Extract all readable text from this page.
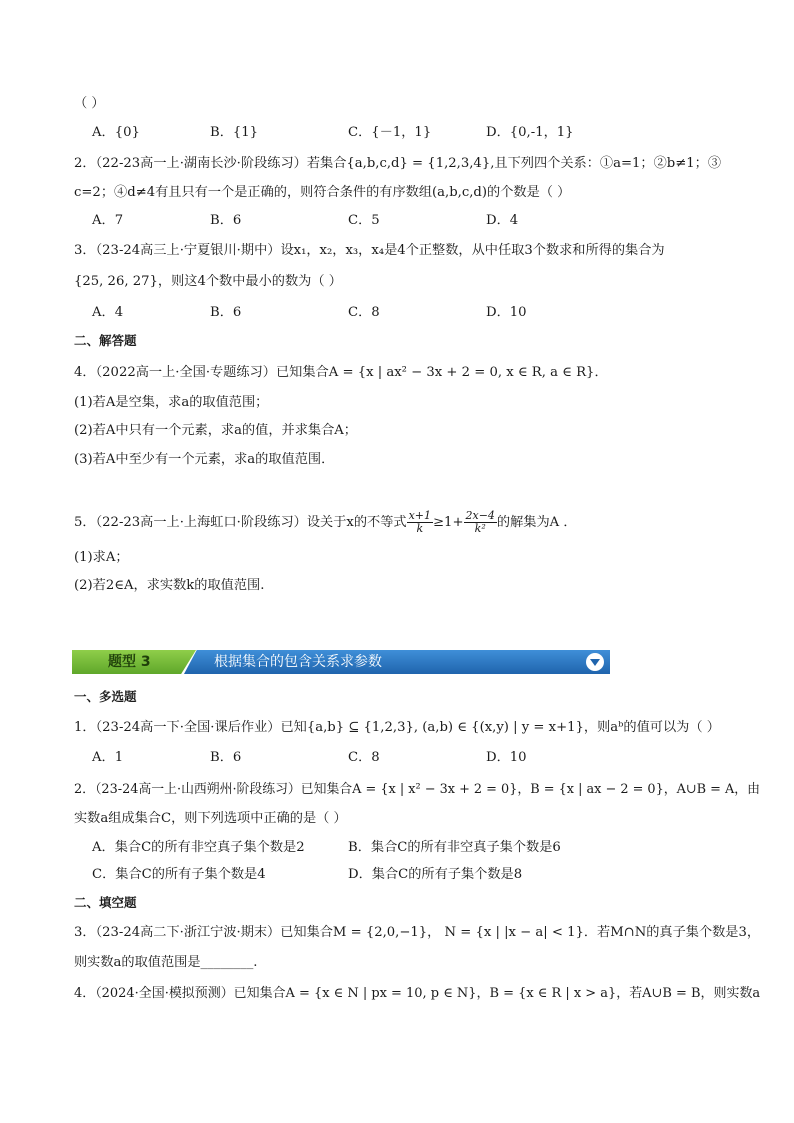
（ ）
A．{0}	B．{1}	C．{－1，1}	D．{0,-1，1}
2．（22-23高一上·湖南长沙·阶段练习）若集合{a,b,c,d} = {1,2,3,4},且下列四个关系：①a=1；②b≠1；③
c=2；④d≠4有且只有一个是正确的，则符合条件的有序数组(a,b,c,d)的个数是（ ）
A．7	B．6	C．5	D．4
3．（23-24高三上·宁夏银川·期中）设x₁，x₂，x₃，x₄是4个正整数，从中任取3个数求和所得的集合为
{25, 26, 27}，则这4个数中最小的数为（ ）
A．4	B．6	C．8	D．10
二、解答题
4．（2022高一上·全国·专题练习）已知集合A = {x | ax² − 3x + 2 = 0, x ∈ R, a ∈ R}．
(1)若A是空集，求a的取值范围；
(2)若A中只有一个元素，求a的值，并求集合A；
(3)若A中至少有一个元素，求a的取值范围．
5．（22-23高一上·上海虹口·阶段练习）设关于x的不等式 $\frac{x+1}{k} \ge 1+ \frac{2x-4}{\text{k²}}$ 的解集为A ．
(1)求A；
(2)若2∈A，求实数k的取值范围.
题型 3	根据集合的包含关系求参数
一、多选题
1．（23-24高一下·全国·课后作业）已知{a,b} ⊆ {1,2,3}, (a,b) ∈ {(x,y) | y = x+1}，则aᵇ的值可以为（ ）
A．1	B．6	C．8	D．10
2．（23-24高一上·山西朔州·阶段练习）已知集合A = {x | x² − 3x + 2 = 0}，B = {x | ax − 2 = 0}，A∪B = A，由
实数a组成集合C，则下列选项中正确的是（ ）
A．集合C的所有非空真子集个数是2	B．集合C的所有非空真子集个数是6
C．集合C的所有子集个数是4	D．集合C的所有子集个数是8
二、填空题
3．（23-24高二下·浙江宁波·期末）已知集合M = {2,0,−1}， N = {x | |x − a| < 1}．若M∩N的真子集个数是3，
则实数a的取值范围是________.
4．（2024·全国·模拟预测）已知集合A = {x ∈ N | px = 10, p ∈ N}，B = {x ∈ R | x > a}，若A∪B = B，则实数a
